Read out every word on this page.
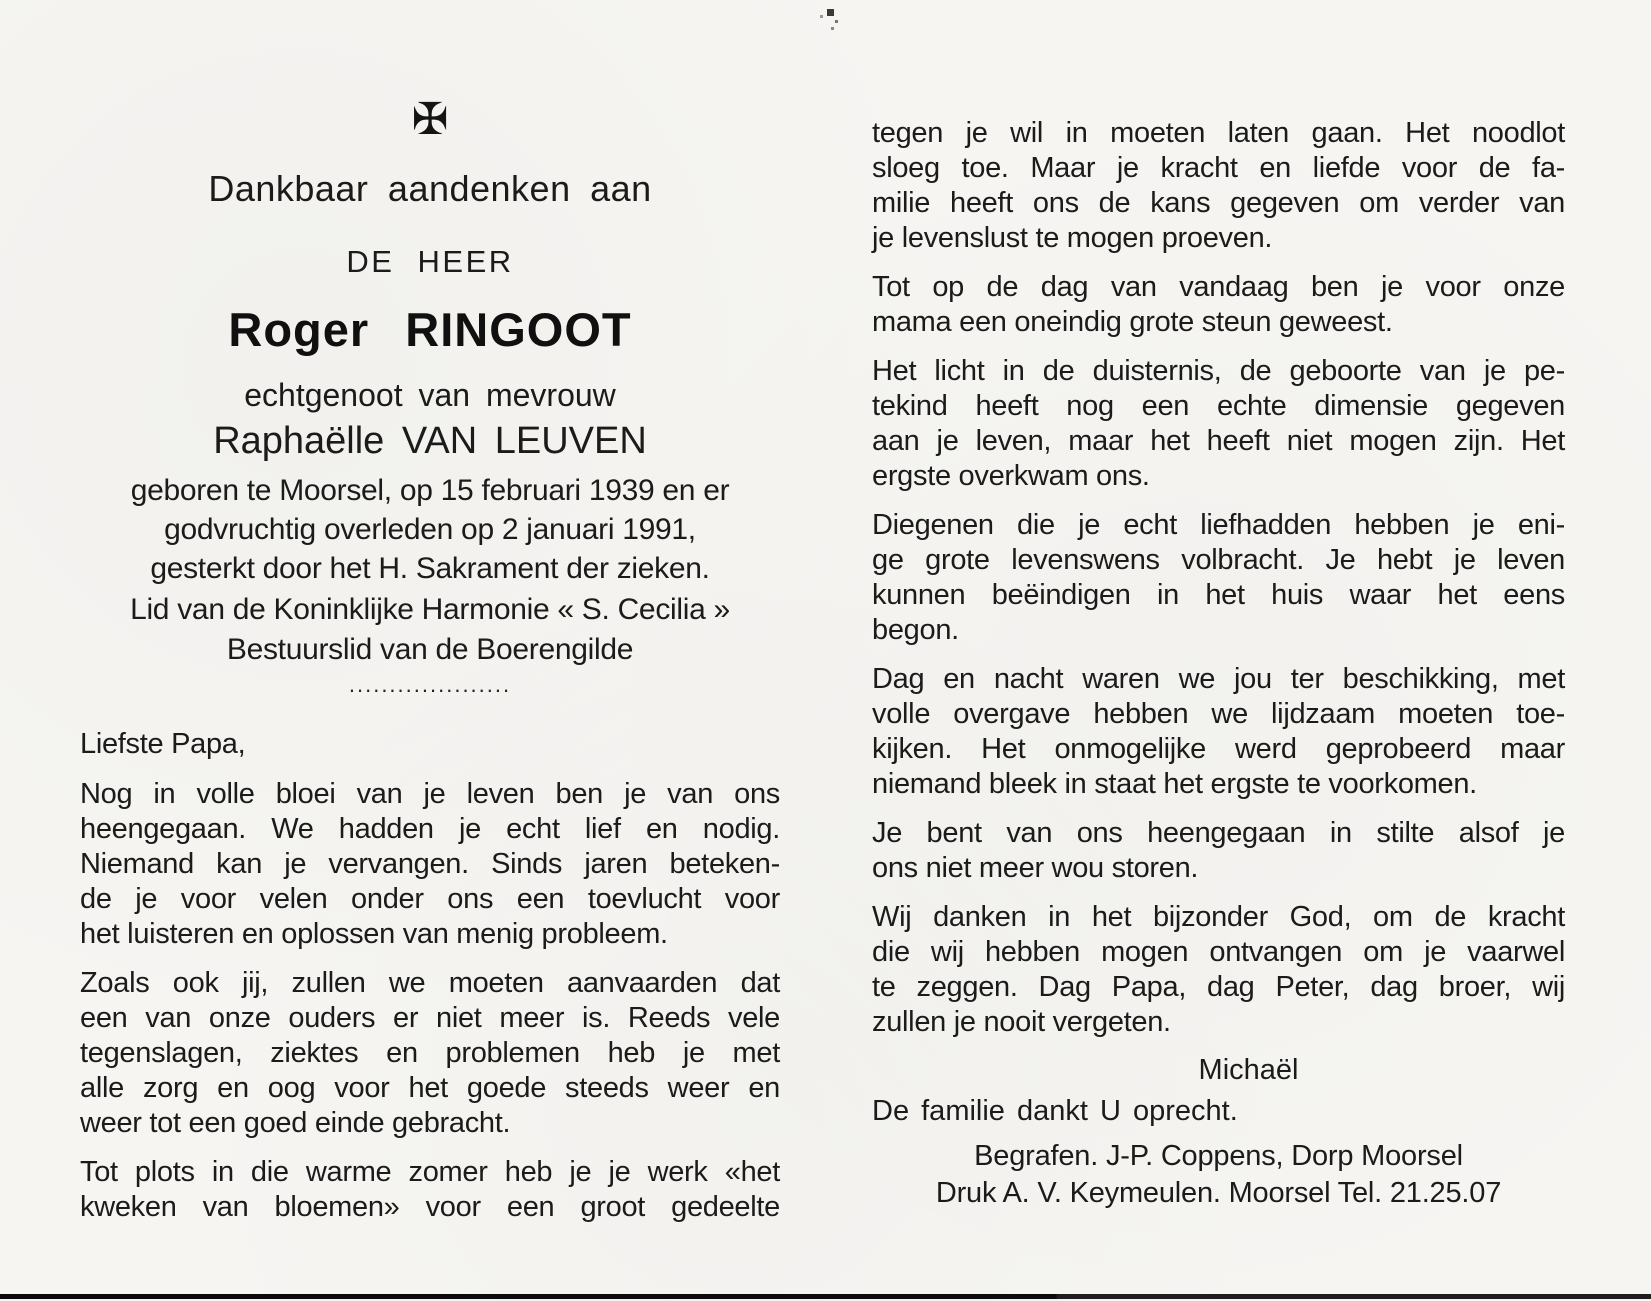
✠
Dankbaar aandenken aan
DE HEER
Roger RINGOOT
echtgenoot van mevrouw
Raphaëlle VAN LEUVEN
geboren te Moorsel, op 15 februari 1939 en er
godvruchtig overleden op 2 januari 1991,
gesterkt door het H. Sakrament der zieken.
Lid van de Koninklijke Harmonie « S. Cecilia »
Bestuurslid van de Boerengilde
....................
Liefste Papa,
Nog in volle bloei van je leven ben je van ons
heengegaan. We hadden je echt lief en nodig.
Niemand kan je vervangen. Sinds jaren beteken-
de je voor velen onder ons een toevlucht voor
het luisteren en oplossen van menig probleem.
Zoals ook jij, zullen we moeten aanvaarden dat
een van onze ouders er niet meer is. Reeds vele
tegenslagen, ziektes en problemen heb je met
alle zorg en oog voor het goede steeds weer en
weer tot een goed einde gebracht.
Tot plots in die warme zomer heb je je werk «het
kweken van bloemen» voor een groot gedeelte
tegen je wil in moeten laten gaan. Het noodlot
sloeg toe. Maar je kracht en liefde voor de fa-
milie heeft ons de kans gegeven om verder van
je levenslust te mogen proeven.
Tot op de dag van vandaag ben je voor onze
mama een oneindig grote steun geweest.
Het licht in de duisternis, de geboorte van je pe-
tekind heeft nog een echte dimensie gegeven
aan je leven, maar het heeft niet mogen zijn. Het
ergste overkwam ons.
Diegenen die je echt liefhadden hebben je eni-
ge grote levenswens volbracht. Je hebt je leven
kunnen beëindigen in het huis waar het eens
begon.
Dag en nacht waren we jou ter beschikking, met
volle overgave hebben we lijdzaam moeten toe-
kijken. Het onmogelijke werd geprobeerd maar
niemand bleek in staat het ergste te voorkomen.
Je bent van ons heengegaan in stilte alsof je
ons niet meer wou storen.
Wij danken in het bijzonder God, om de kracht
die wij hebben mogen ontvangen om je vaarwel
te zeggen. Dag Papa, dag Peter, dag broer, wij
zullen je nooit vergeten.
Michaël
De familie dankt U oprecht.
Begrafen. J-P. Coppens, Dorp Moorsel
Druk A. V. Keymeulen. Moorsel Tel. 21.25.07
